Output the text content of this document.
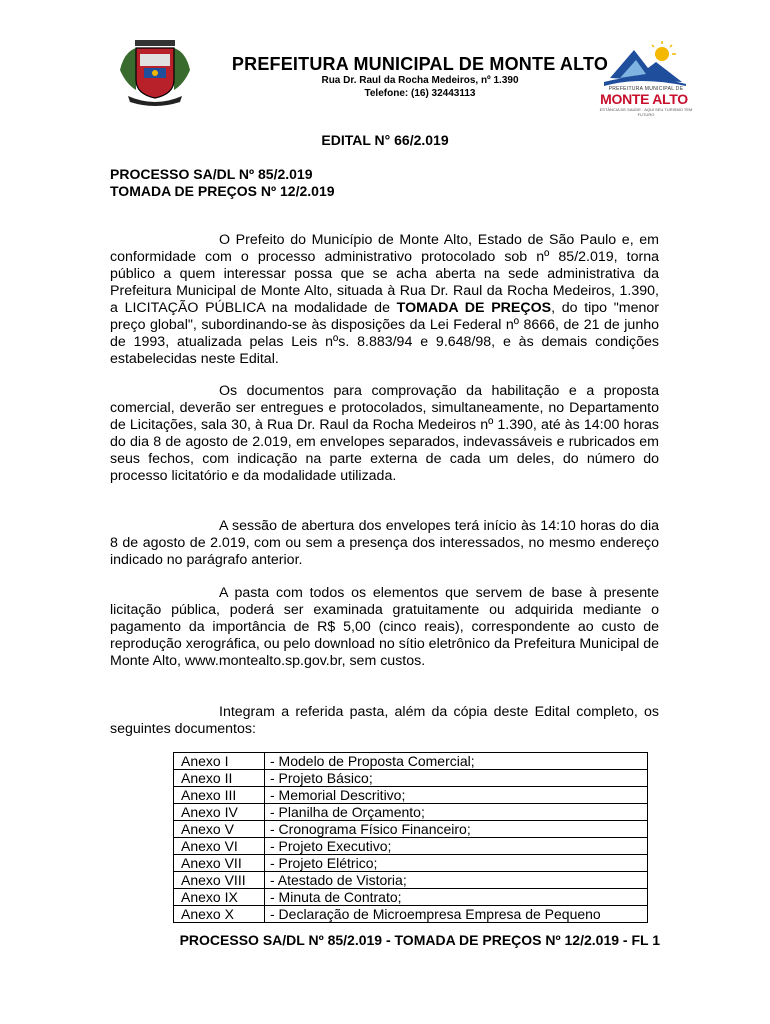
PREFEITURA MUNICIPAL DE MONTE ALTO
Rua Dr. Raul da Rocha Medeiros, nº 1.390
Telefone: (16) 32443113	PREFEITURA MUNICIPAL DE
MONTE ALTO
ESTÂNCIA DE SAÚDE · AQUI SEU TURISMO TEM FUTURO
EDITAL N° 66/2.019
PROCESSO SA/DL Nº 85/2.019
TOMADA DE PREÇOS Nº 12/2.019

O Prefeito do Município de Monte Alto, Estado de São Paulo e, em conformidade com o processo administrativo protocolado sob nº 85/2.019, torna público a quem interessar possa que se acha aberta na sede administrativa da Prefeitura Municipal de Monte Alto, situada à Rua Dr. Raul da Rocha Medeiros, 1.390, a LICITAÇÃO PÚBLICA na modalidade de TOMADA DE PREÇOS, do tipo "menor preço global", subordinando-se às disposições da Lei Federal nº 8666, de 21 de junho de 1993, atualizada pelas Leis nºs. 8.883/94 e 9.648/98, e às demais condições estabelecidas neste Edital.

Os documentos para comprovação da habilitação e a proposta comercial, deverão ser entregues e protocolados, simultaneamente, no Departamento de Licitações, sala 30, à Rua Dr. Raul da Rocha Medeiros nº 1.390, até às 14:00 horas do dia 8 de agosto de 2.019, em envelopes separados, indevassáveis e rubricados em seus fechos, com indicação na parte externa de cada um deles, do número do processo licitatório e da modalidade utilizada.

A sessão de abertura dos envelopes terá início às 14:10 horas do dia 8 de agosto de 2.019, com ou sem a presença dos interessados, no mesmo endereço indicado no parágrafo anterior.

A pasta com todos os elementos que servem de base à presente licitação pública, poderá ser examinada gratuitamente ou adquirida mediante o pagamento da importância de R$ 5,00 (cinco reais), correspondente ao custo de reprodução xerográfica, ou pelo download no sítio eletrônico da Prefeitura Municipal de Monte Alto, www.montealto.sp.gov.br, sem custos.

Integram a referida pasta, além da cópia deste Edital completo, os seguintes documentos:

Anexo I	- Modelo de Proposta Comercial;
Anexo II	- Projeto Básico;
Anexo III	- Memorial Descritivo;
Anexo IV	- Planilha de Orçamento;
Anexo V	- Cronograma Físico Financeiro;
Anexo VI	- Projeto Executivo;
Anexo VII	- Projeto Elétrico;
Anexo VIII	- Atestado de Vistoria;
Anexo IX	- Minuta de Contrato;
Anexo X	- Declaração de Microempresa Empresa de Pequeno
PROCESSO SA/DL Nº 85/2.019 - TOMADA DE PREÇOS Nº 12/2.019 - FL 1
